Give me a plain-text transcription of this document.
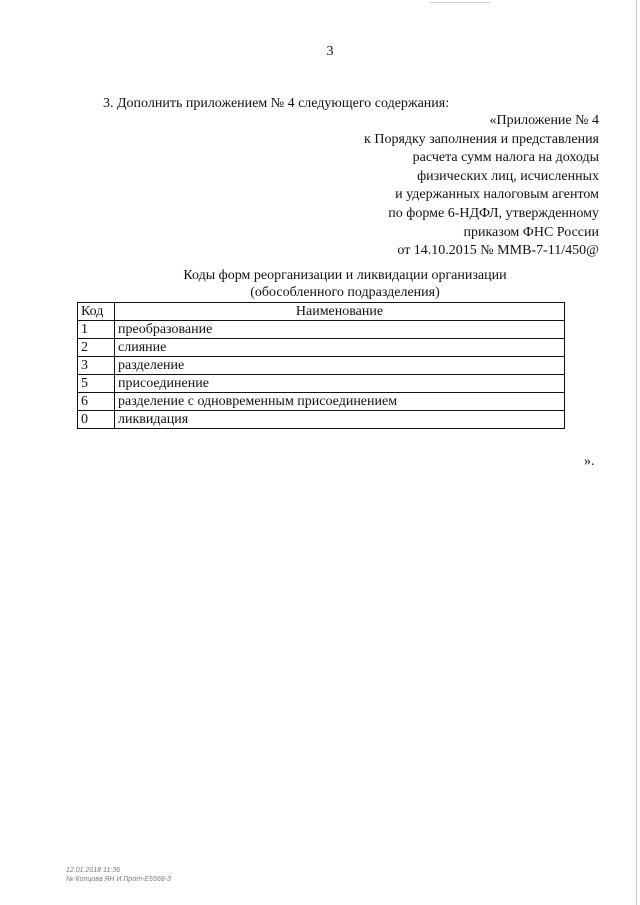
3
3. Дополнить приложением № 4 следующего содержания:
«Приложение № 4
к Порядку заполнения и представления
расчета сумм налога на доходы
физических лиц, исчисленных
и удержанных налоговым агентом
по форме 6-НДФЛ, утвержденному
приказом ФНС России
от 14.10.2015 № ММВ-7-11/450@
Коды форм реорганизации и ликвидации организации
(обособленного подразделения)
Код	Наименование
1	преобразование
2	слияние
3	разделение
5	присоединение
6	разделение с одновременным присоединением
0	ликвидация
».
12.01.2018 11:36
№ Копцова ЯН И.Прот-Е5568-3
